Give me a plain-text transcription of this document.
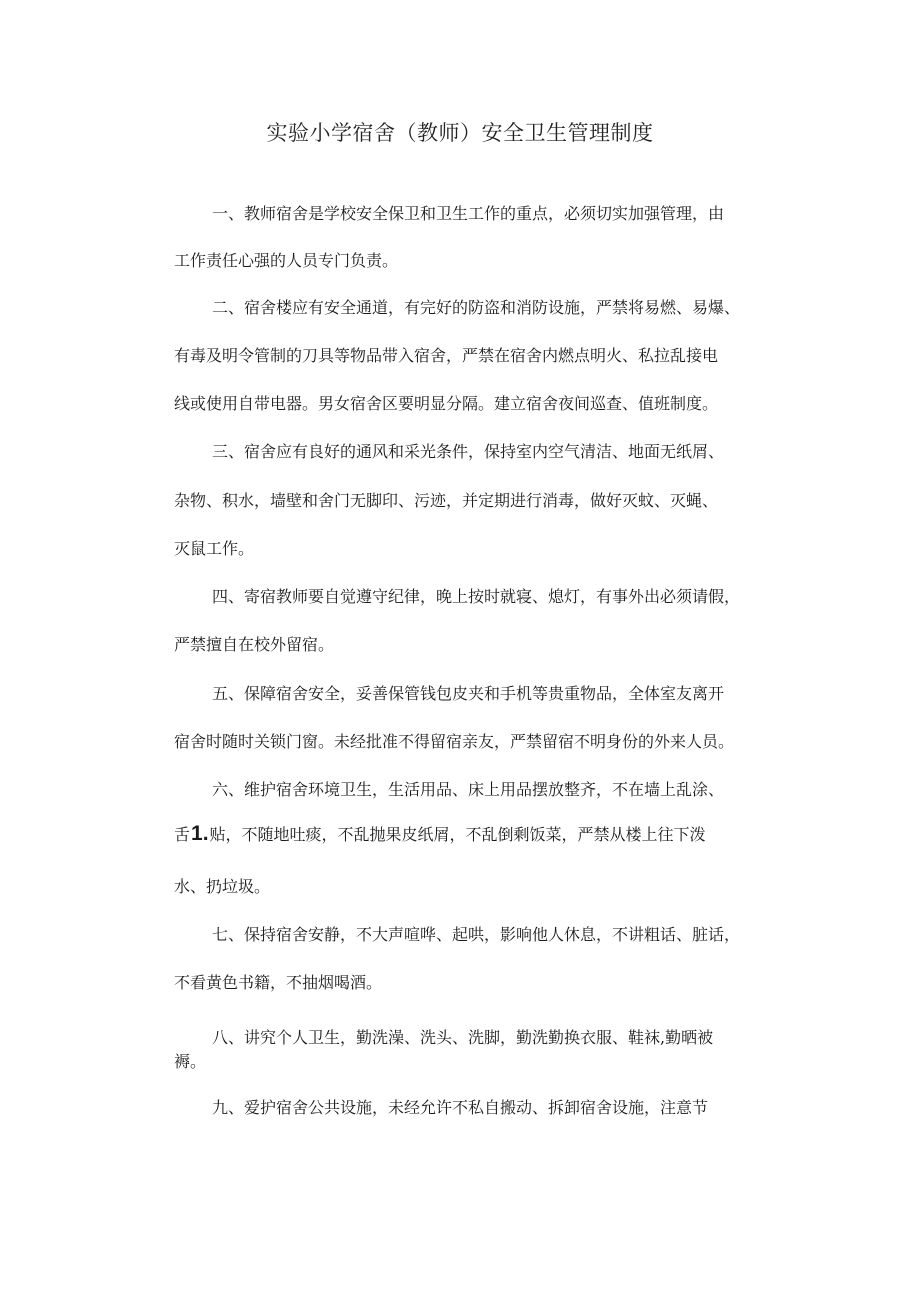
实验小学宿舍（教师）安全卫生管理制度
一、教师宿舍是学校安全保卫和卫生工作的重点，必须切实加强管理，由
工作责任心强的人员专门负责。
二、宿舍楼应有安全通道，有完好的防盗和消防设施，严禁将易燃、易爆、
有毒及明令管制的刀具等物品带入宿舍，严禁在宿舍内燃点明火、私拉乱接电
线或使用自带电器。男女宿舍区要明显分隔。建立宿舍夜间巡查、值班制度。
三、宿舍应有良好的通风和采光条件，保持室内空气清洁、地面无纸屑、
杂物、积水，墙壁和舍门无脚印、污迹，并定期进行消毒，做好灭蚊、灭蝇、
灭鼠工作。
四、寄宿教师要自觉遵守纪律，晚上按时就寝、熄灯，有事外出必须请假，
严禁擅自在校外留宿。
五、保障宿舍安全，妥善保管钱包皮夹和手机等贵重物品，全体室友离开
宿舍时随时关锁门窗。未经批准不得留宿亲友，严禁留宿不明身份的外来人员。
六、维护宿舍环境卫生，生活用品、床上用品摆放整齐，不在墙上乱涂、
舌1.贴，不随地吐痰，不乱抛果皮纸屑，不乱倒剩饭菜，严禁从楼上往下泼
水、扔垃圾。
七、保持宿舍安静，不大声喧哗、起哄，影响他人休息，不讲粗话、脏话，
不看黄色书籍，不抽烟喝酒。
八、讲究个人卫生，勤洗澡、洗头、洗脚，勤洗勤换衣服、鞋袜,勤晒被
褥。
九、爱护宿舍公共设施，未经允许不私自搬动、拆卸宿舍设施，注意节
